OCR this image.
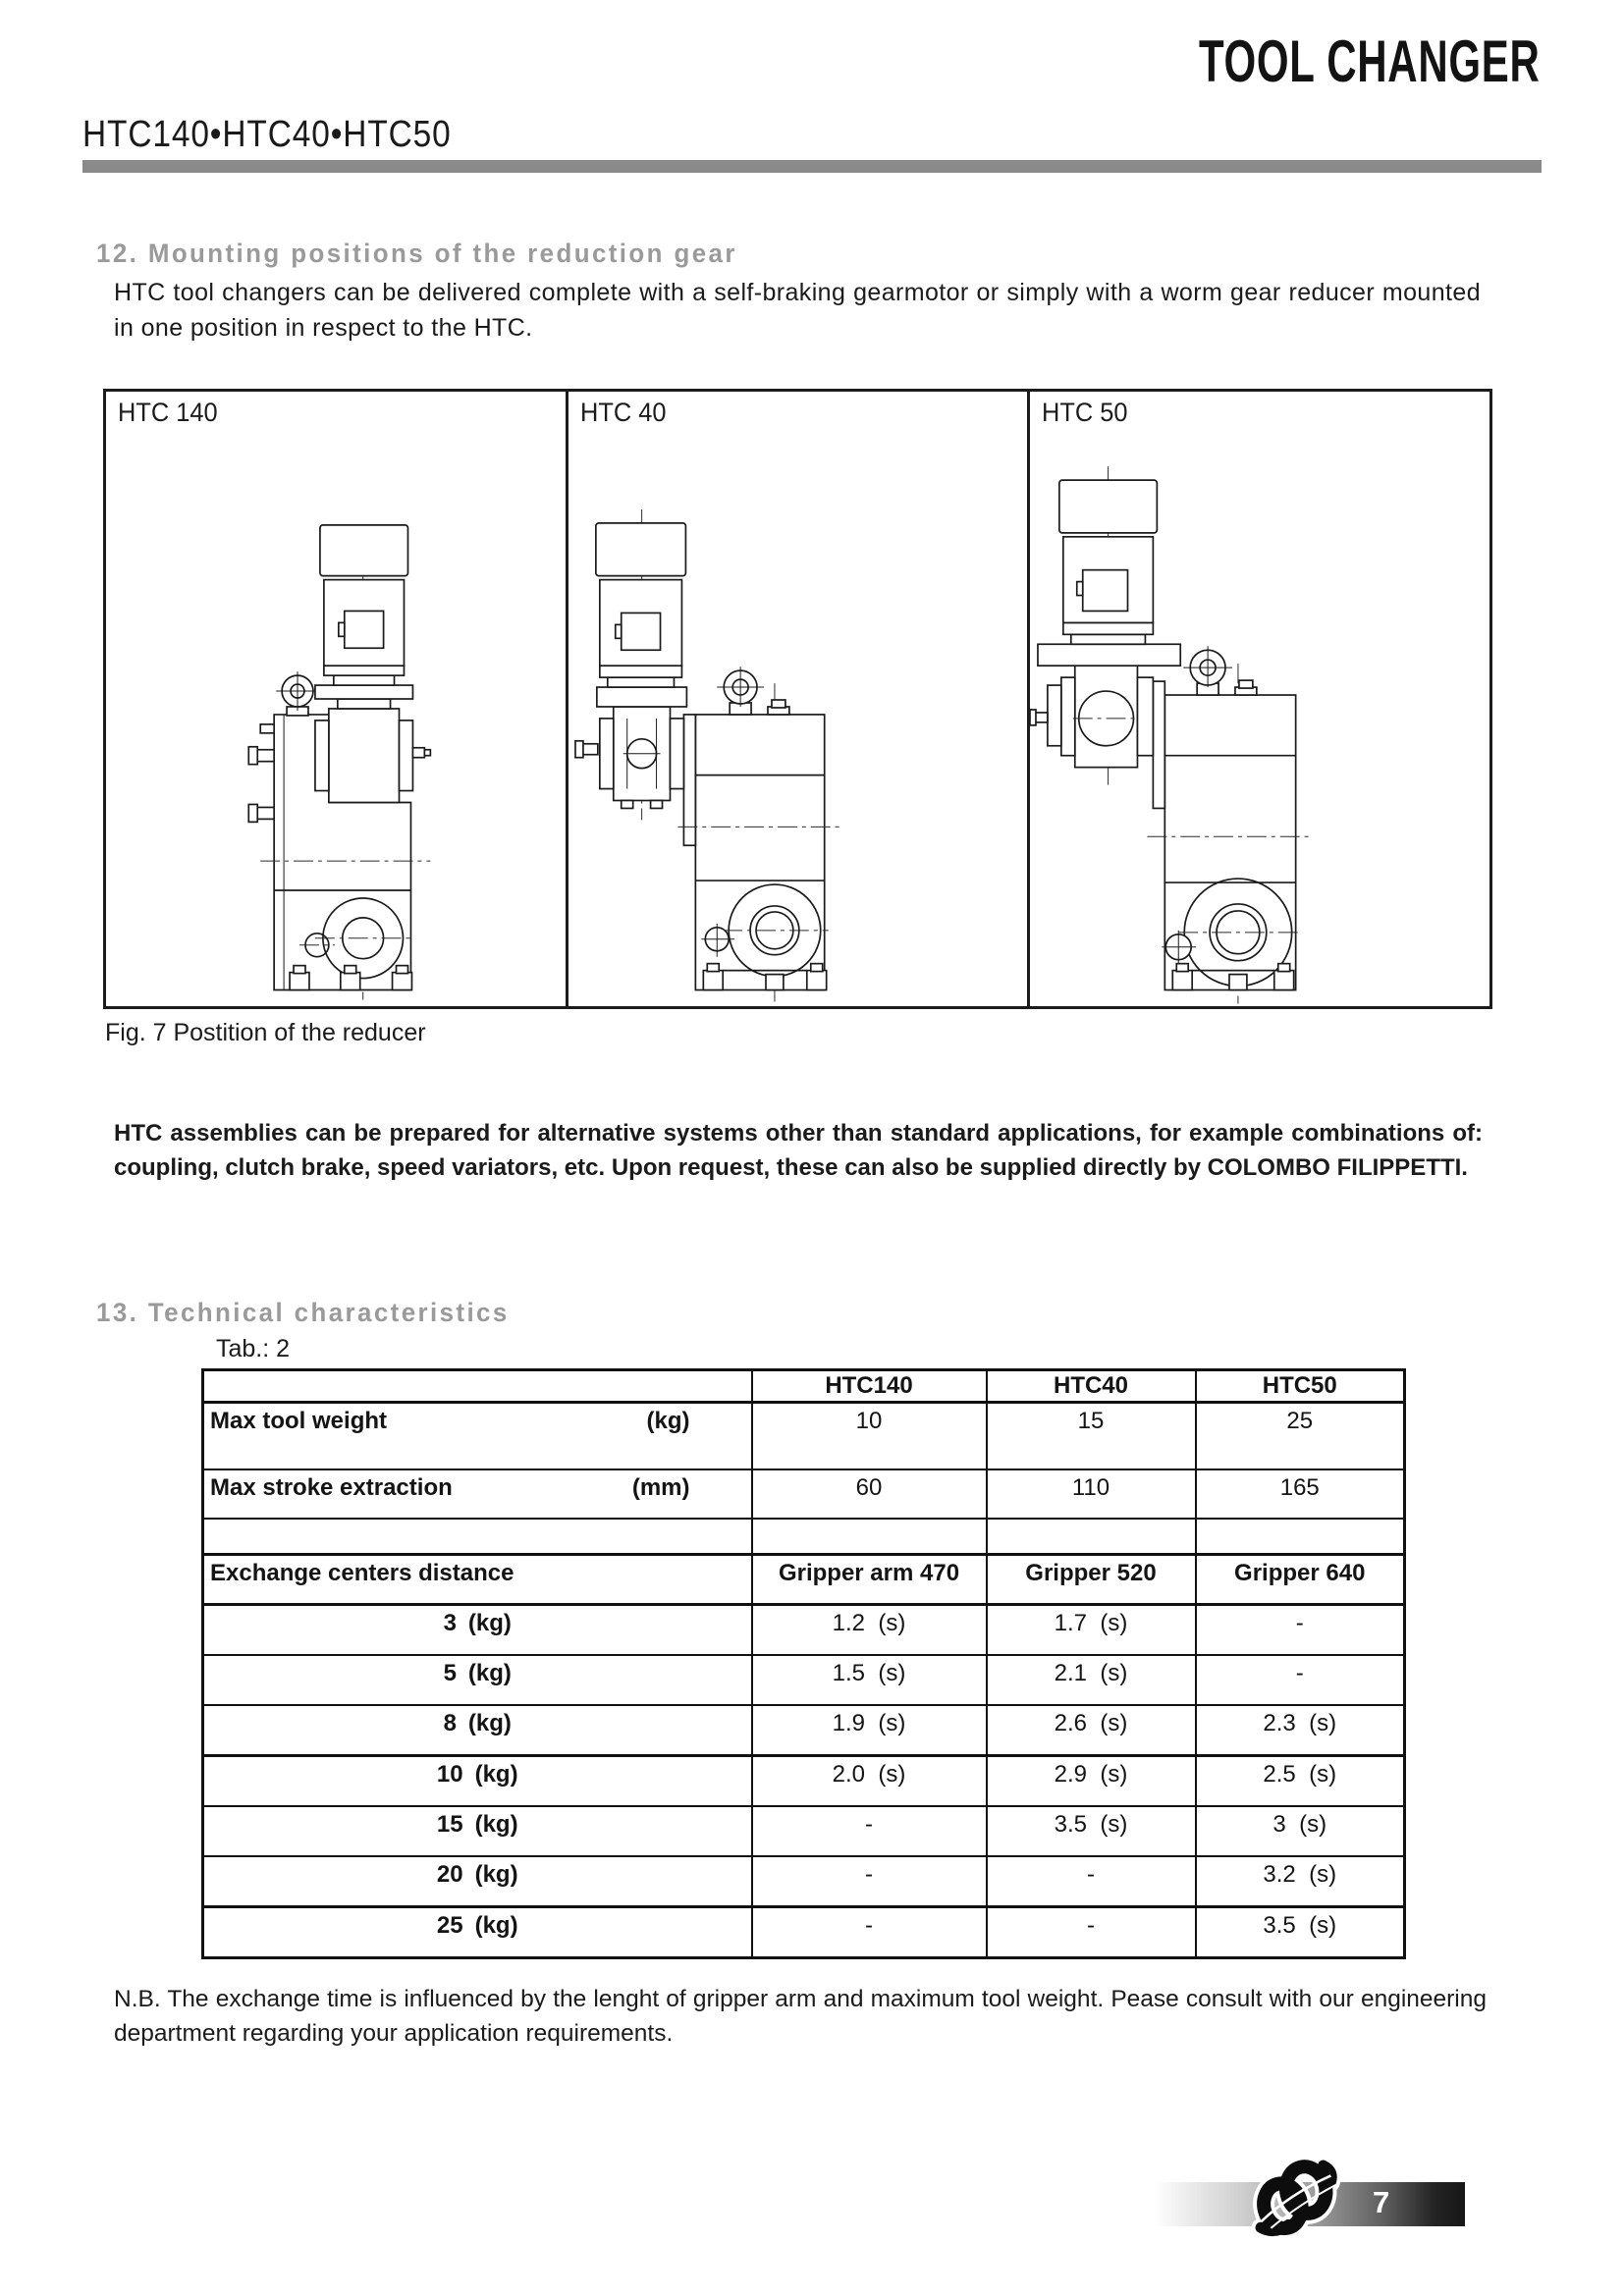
TOOL CHANGER
HTC140•HTC40•HTC50
12. Mounting positions of the reduction gear

HTC tool changers can be delivered complete with a self-braking gearmotor or simply with a worm gear reducer mounted in one position in respect to the HTC.

HTC 140	HTC 40	HTC 50
Fig. 7 Postition of the reducer

HTC assemblies can be prepared for alternative systems other than standard applications, for example combinations of: coupling, clutch brake, speed variators, etc. Upon request, these can also be supplied directly by COLOMBO FILIPPETTI.

13. Technical characteristics
Tab.: 2
	HTC140	HTC40	HTC50

Max tool weight (kg)	10	15	25

Max stroke extraction (mm)	60	110	165

Exchange centers distance	Gripper arm 470	Gripper 520	Gripper 640

3 (kg)	1.2  (s)	1.7  (s)	-

5 (kg)	1.5  (s)	2.1  (s)	-

8 (kg)	1.9  (s)	2.6  (s)	2.3  (s)

10 (kg)	2.0  (s)	2.9  (s)	2.5  (s)

15 (kg)	-	3.5  (s)	3  (s)

20 (kg)	-	-	3.2  (s)

25 (kg)	-	-	3.5  (s)

N.B. The exchange time is influenced by the lenght of gripper arm and maximum tool weight. Pease consult with our engineering department regarding your application requirements.

7
